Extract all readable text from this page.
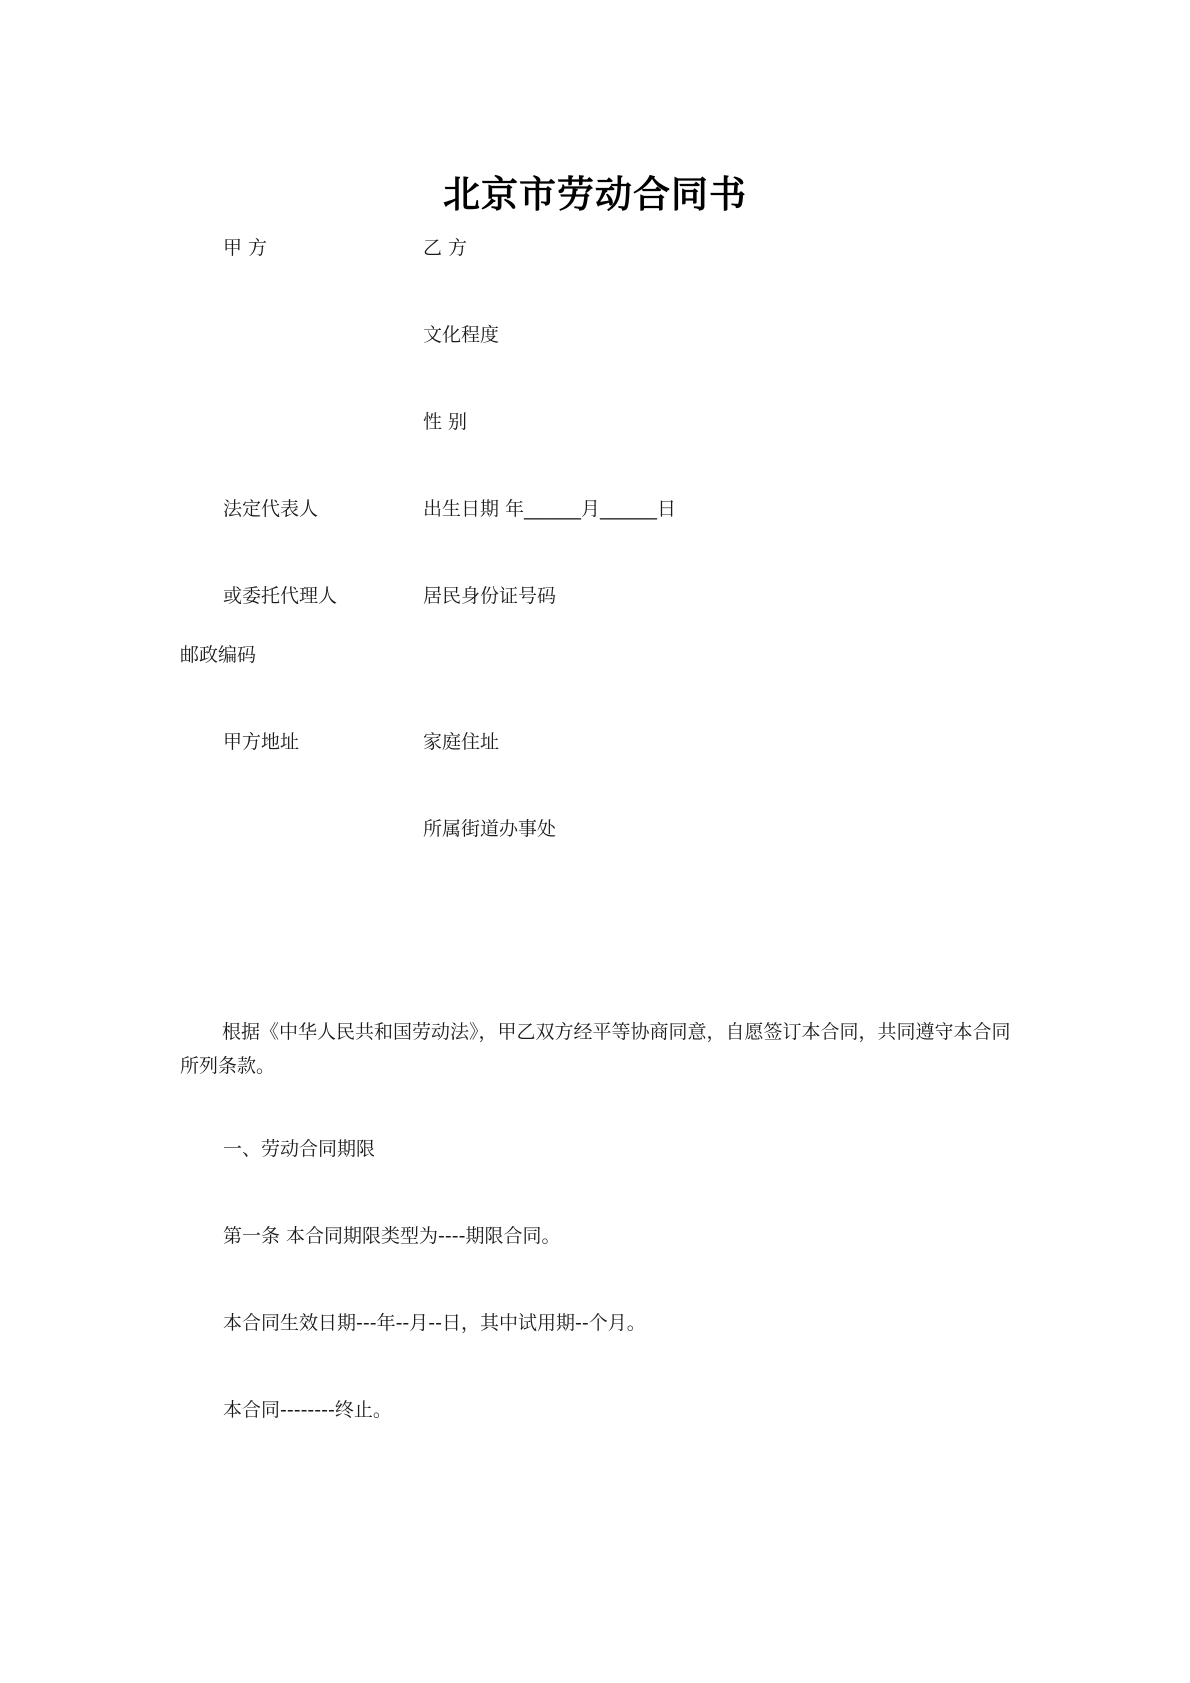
北京市劳动合同书
甲 方	乙 方
文化程度
性 别
法定代表人	出生日期 年______月______日
或委托代理人	居民身份证号码
邮政编码
甲方地址	家庭住址
所属街道办事处
根据《中华人民共和国劳动法》，甲乙双方经平等协商同意，自愿签订本合同，共同遵守本合同所列条款。
一、劳动合同期限
第一条 本合同期限类型为----期限合同。
本合同生效日期---年--月--日，其中试用期--个月。
本合同--------终止。
